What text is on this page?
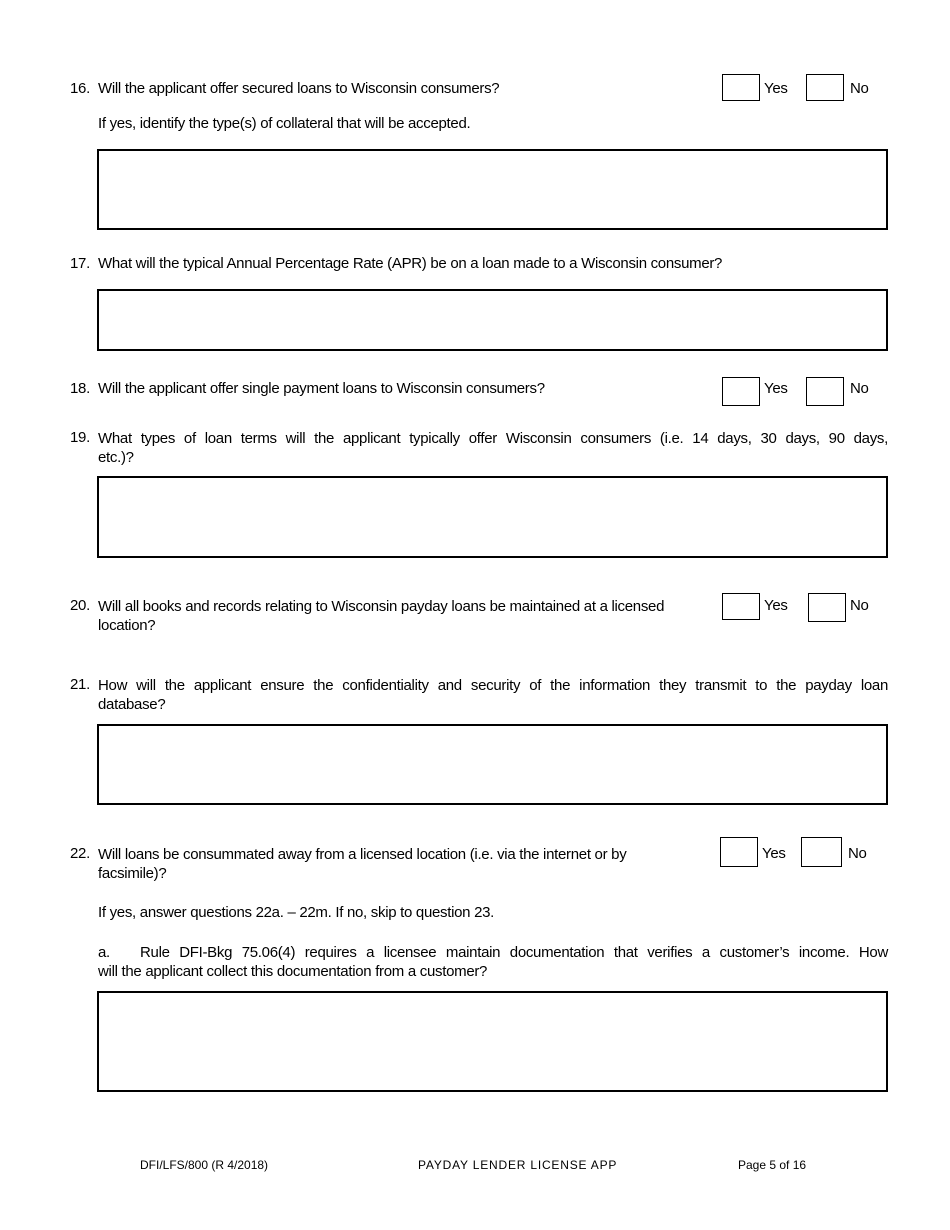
16. Will the applicant offer secured loans to Wisconsin consumers?	Yes	No
If yes, identify the type(s) of collateral that will be accepted.
17. What will the typical Annual Percentage Rate (APR) be on a loan made to a Wisconsin consumer?
18. Will the applicant offer single payment loans to Wisconsin consumers?	Yes	No
19. What types of loan terms will the applicant typically offer Wisconsin consumers (i.e. 14 days, 30 days, 90 days,
etc.)?
20. Will all books and records relating to Wisconsin payday loans be maintained at a licensed
location?
Yes	No
21. How will the applicant ensure the confidentiality and security of the information they transmit to the payday loan
database?
22. Will loans be consummated away from a licensed location (i.e. via the internet or by
facsimile)?
Yes	No
If yes, answer questions 22a. – 22m. If no, skip to question 23.
a.	Rule DFI-Bkg 75.06(4) requires a licensee maintain documentation that verifies a customer’s income. How
will the applicant collect this documentation from a customer?
DFI/LFS/800 (R 4/2018)	PAYDAY LENDER LICENSE APP	Page 5 of 16
